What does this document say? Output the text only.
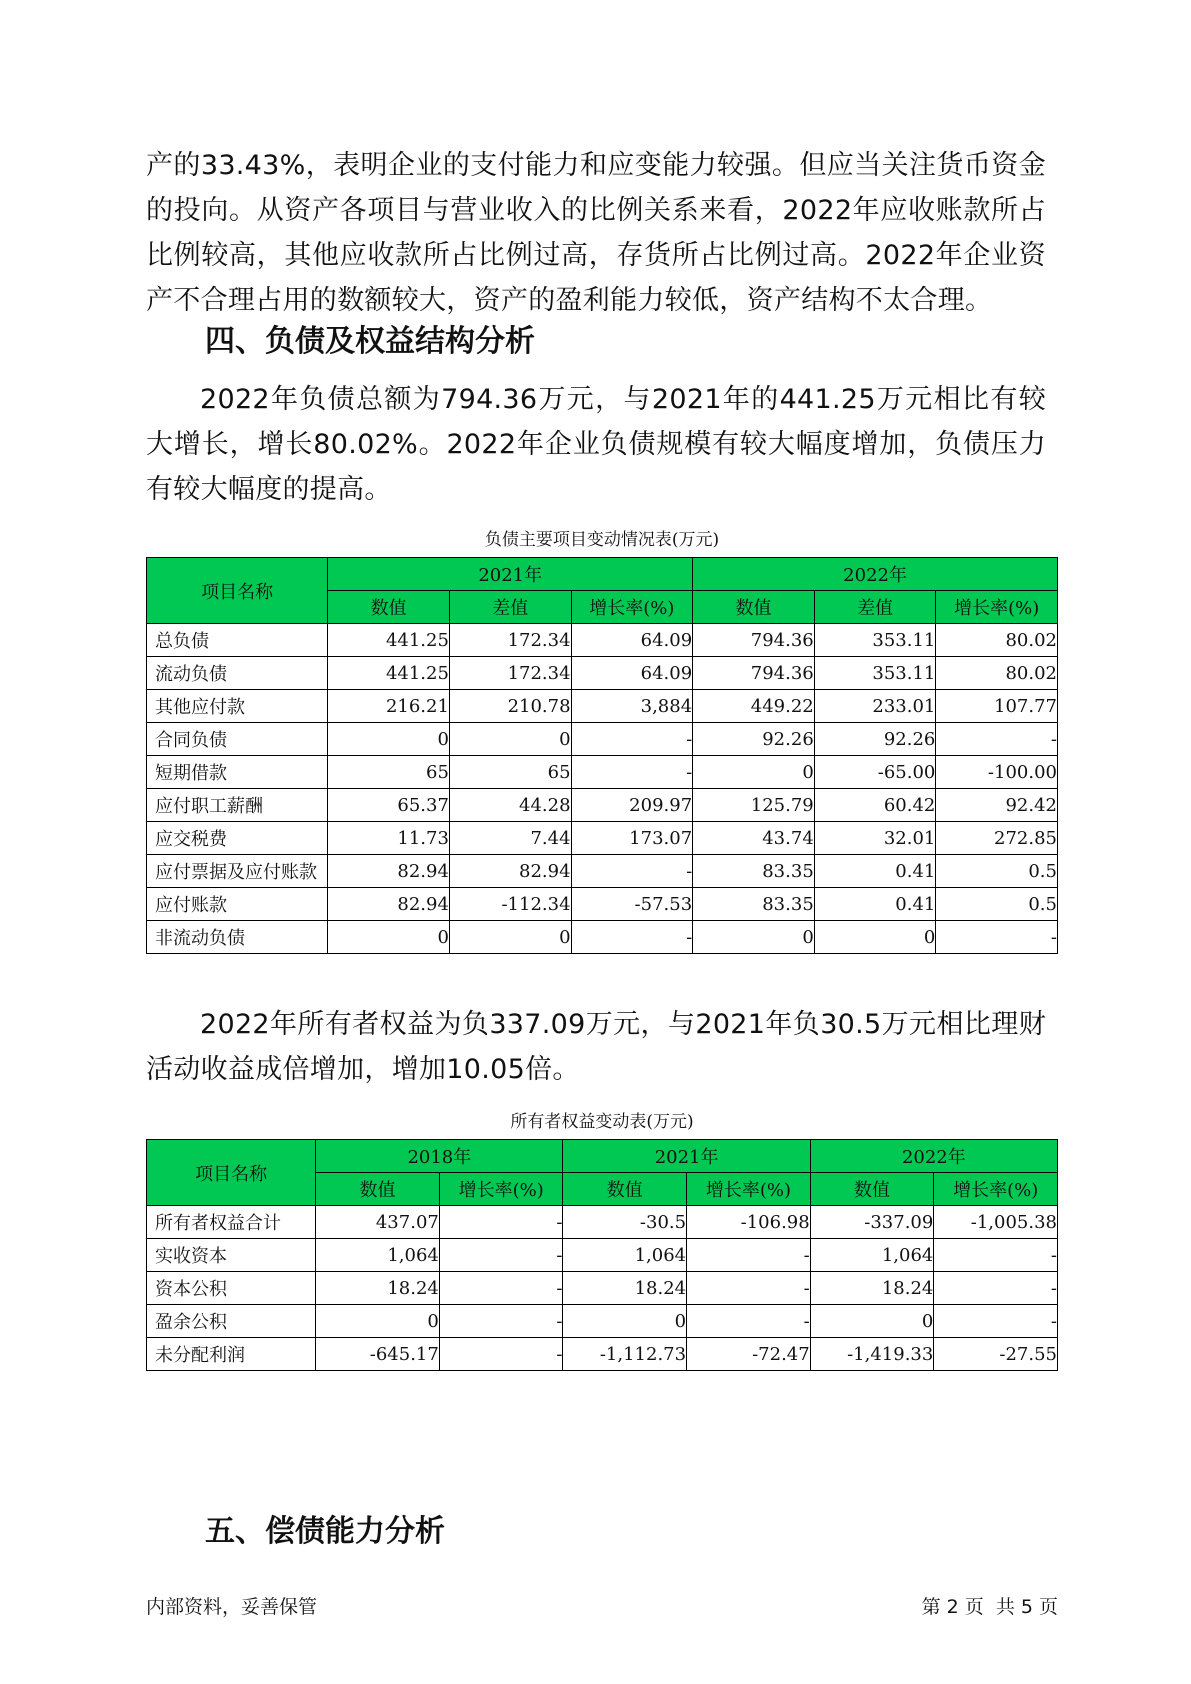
产的33.43%，表明企业的支付能力和应变能力较强。但应当关注货币资金的投向。从资产各项目与营业收入的比例关系来看，2022年应收账款所占比例较高，其他应收款所占比例过高，存货所占比例过高。2022年企业资产不合理占用的数额较大，资产的盈利能力较低，资产结构不太合理。

四、负债及权益结构分析

2022年负债总额为794.36万元，与2021年的441.25万元相比有较大增长，增长80.02%。2022年企业负债规模有较大幅度增加，负债压力有较大幅度的提高。

负债主要项目变动情况表(万元)
项目名称	2021年			2022年		
	数值	差值	增长率(%)	数值	差值	增长率(%)
总负债	441.25	172.34	64.09	794.36	353.11	80.02
流动负债	441.25	172.34	64.09	794.36	353.11	80.02
其他应付款	216.21	210.78	3,884	449.22	233.01	107.77
合同负债	0	0	-	92.26	92.26	-
短期借款	65	65	-	0	-65.00	-100.00
应付职工薪酬	65.37	44.28	209.97	125.79	60.42	92.42
应交税费	11.73	7.44	173.07	43.74	32.01	272.85
应付票据及应付账款	82.94	82.94	-	83.35	0.41	0.5
应付账款	82.94	-112.34	-57.53	83.35	0.41	0.5
非流动负债	0	0	-	0	0	-

2022年所有者权益为负337.09万元，与2021年负30.5万元相比理财活动收益成倍增加，增加10.05倍。

所有者权益变动表(万元)
项目名称	2018年		2021年		2022年	
	数值	增长率(%)	数值	增长率(%)	数值	增长率(%)
所有者权益合计	437.07	-	-30.5	-106.98	-337.09	-1,005.38
实收资本	1,064	-	1,064	-	1,064	-
资本公积	18.24	-	18.24	-	18.24	-
盈余公积	0	-	0	-	0	-
未分配利润	-645.17	-	-1,112.73	-72.47	-1,419.33	-27.55
五、偿债能力分析
内部资料，妥善保管	第 2 页  共 5 页
